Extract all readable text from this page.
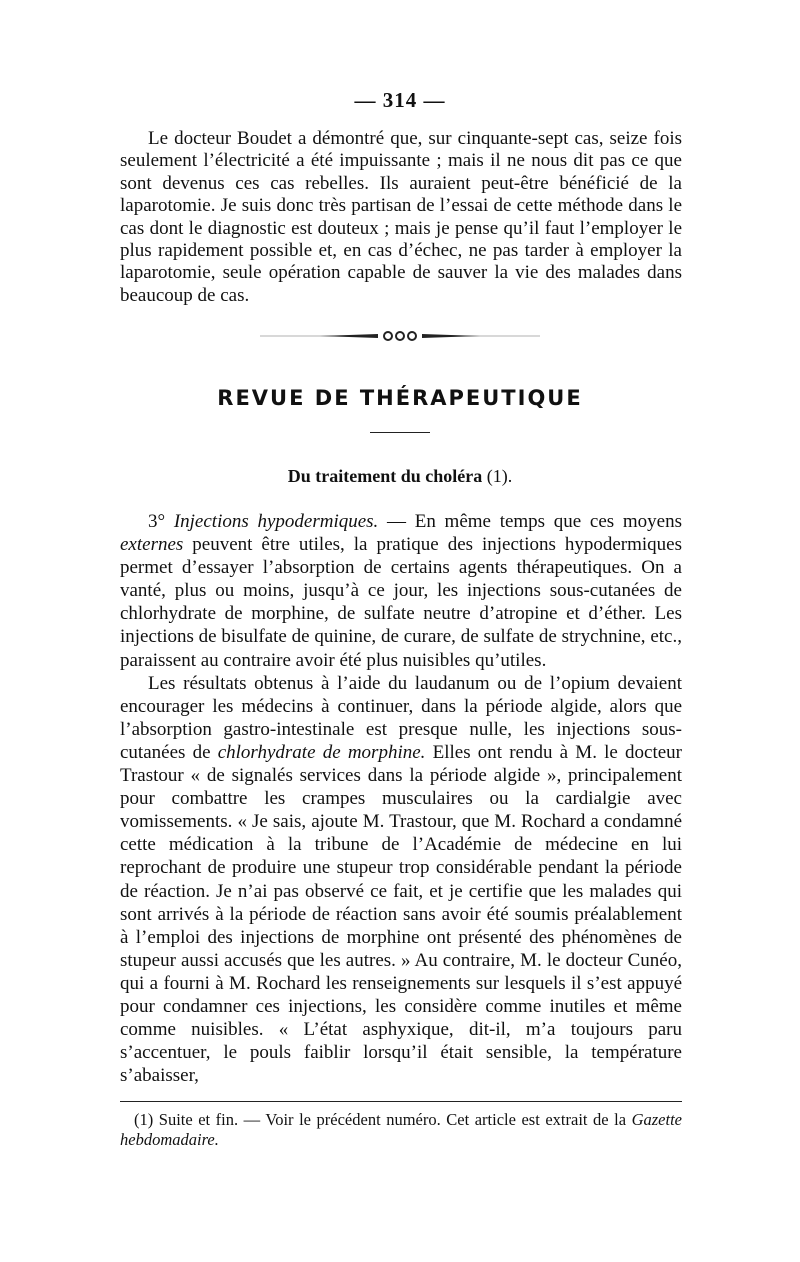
— 314 —

Le docteur Boudet a démontré que, sur cinquante-sept cas, seize fois seulement l’électricité a été impuissante ; mais il ne nous dit pas ce que sont devenus ces cas rebelles. Ils auraient peut-être bénéficié de la laparotomie. Je suis donc très partisan de l’essai de cette méthode dans le cas dont le diagnostic est douteux ; mais je pense qu’il faut l’employer le plus rapidement possible et, en cas d’échec, ne pas tarder à employer la laparotomie, seule opération capable de sauver la vie des malades dans beaucoup de cas.

REVUE DE THÉRAPEUTIQUE
Du traitement du choléra (1).

3° Injections hypodermiques. — En même temps que ces moyens externes peuvent être utiles, la pratique des injections hypodermiques permet d’essayer l’absorption de certains agents thérapeutiques. On a vanté, plus ou moins, jusqu’à ce jour, les injections sous-cutanées de chlorhydrate de morphine, de sulfate neutre d’atropine et d’éther. Les injections de bisulfate de quinine, de curare, de sulfate de strychnine, etc., paraissent au contraire avoir été plus nuisibles qu’utiles.

Les résultats obtenus à l’aide du laudanum ou de l’opium devaient encourager les médecins à continuer, dans la période algide, alors que l’absorption gastro-intestinale est presque nulle, les injections sous-cutanées de chlorhydrate de morphine. Elles ont rendu à M. le docteur Trastour « de signalés services dans la période algide », principalement pour combattre les crampes musculaires ou la cardialgie avec vomissements. « Je sais, ajoute M. Trastour, que M. Rochard a condamné cette médication à la tribune de l’Académie de médecine en lui reprochant de produire une stupeur trop considérable pendant la période de réaction. Je n’ai pas observé ce fait, et je certifie que les malades qui sont arrivés à la période de réaction sans avoir été soumis préalablement à l’emploi des injections de morphine ont présenté des phénomènes de stupeur aussi accusés que les autres. » Au contraire, M. le docteur Cunéo, qui a fourni à M. Rochard les renseignements sur lesquels il s’est appuyé pour condamner ces injections, les considère comme inutiles et même comme nuisibles. « L’état asphyxique, dit-il, m’a toujours paru s’accentuer, le pouls faiblir lorsqu’il était sensible, la température s’abaisser,

(1) Suite et fin. — Voir le précédent numéro. Cet article est extrait de la Gazette hebdomadaire.
